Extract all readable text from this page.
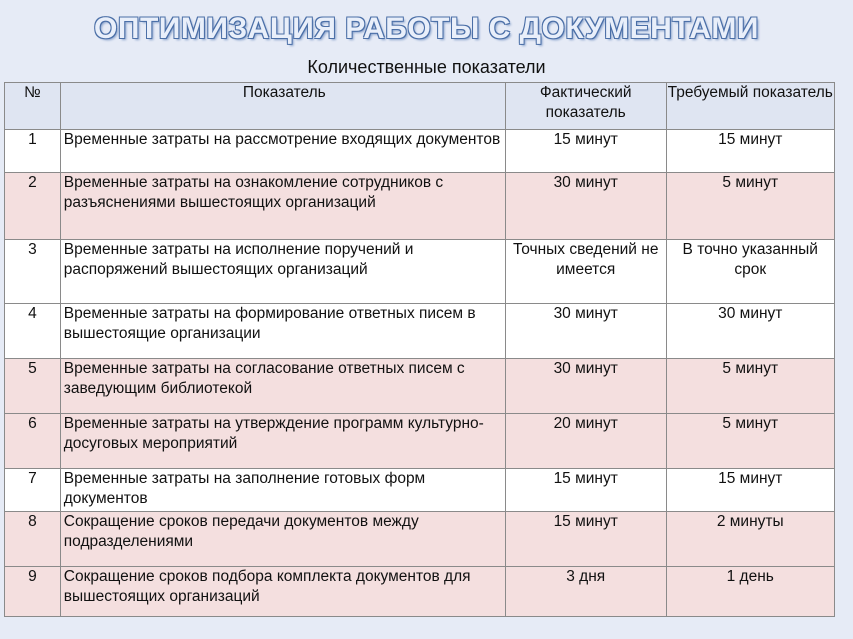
ОПТИМИЗАЦИЯ РАБОТЫ С ДОКУМЕНТАМИ
Количественные показатели
№	Показатель	Фактический показатель	Требуемый показатель
1	Временные затраты на рассмотрение входящих документов	15 минут	15 минут
2	Временные затраты на ознакомление сотрудников с разъяснениями вышестоящих организаций	30 минут	5 минут
3	Временные затраты на исполнение поручений и распоряжений вышестоящих организаций	Точных сведений не имеется	В точно указанный срок
4	Временные затраты на формирование ответных писем в вышестоящие организации	30 минут	30 минут
5	Временные затраты на согласование ответных писем с заведующим библиотекой	30 минут	5 минут
6	Временные затраты на утверждение программ культурно-досуговых мероприятий	20 минут	5 минут
7	Временные затраты на заполнение готовых форм документов	15 минут	15 минут
8	Сокращение сроков передачи документов между подразделениями	15 минут	2 минуты
9	Сокращение сроков подбора комплекта документов для вышестоящих организаций	3 дня	1 день
